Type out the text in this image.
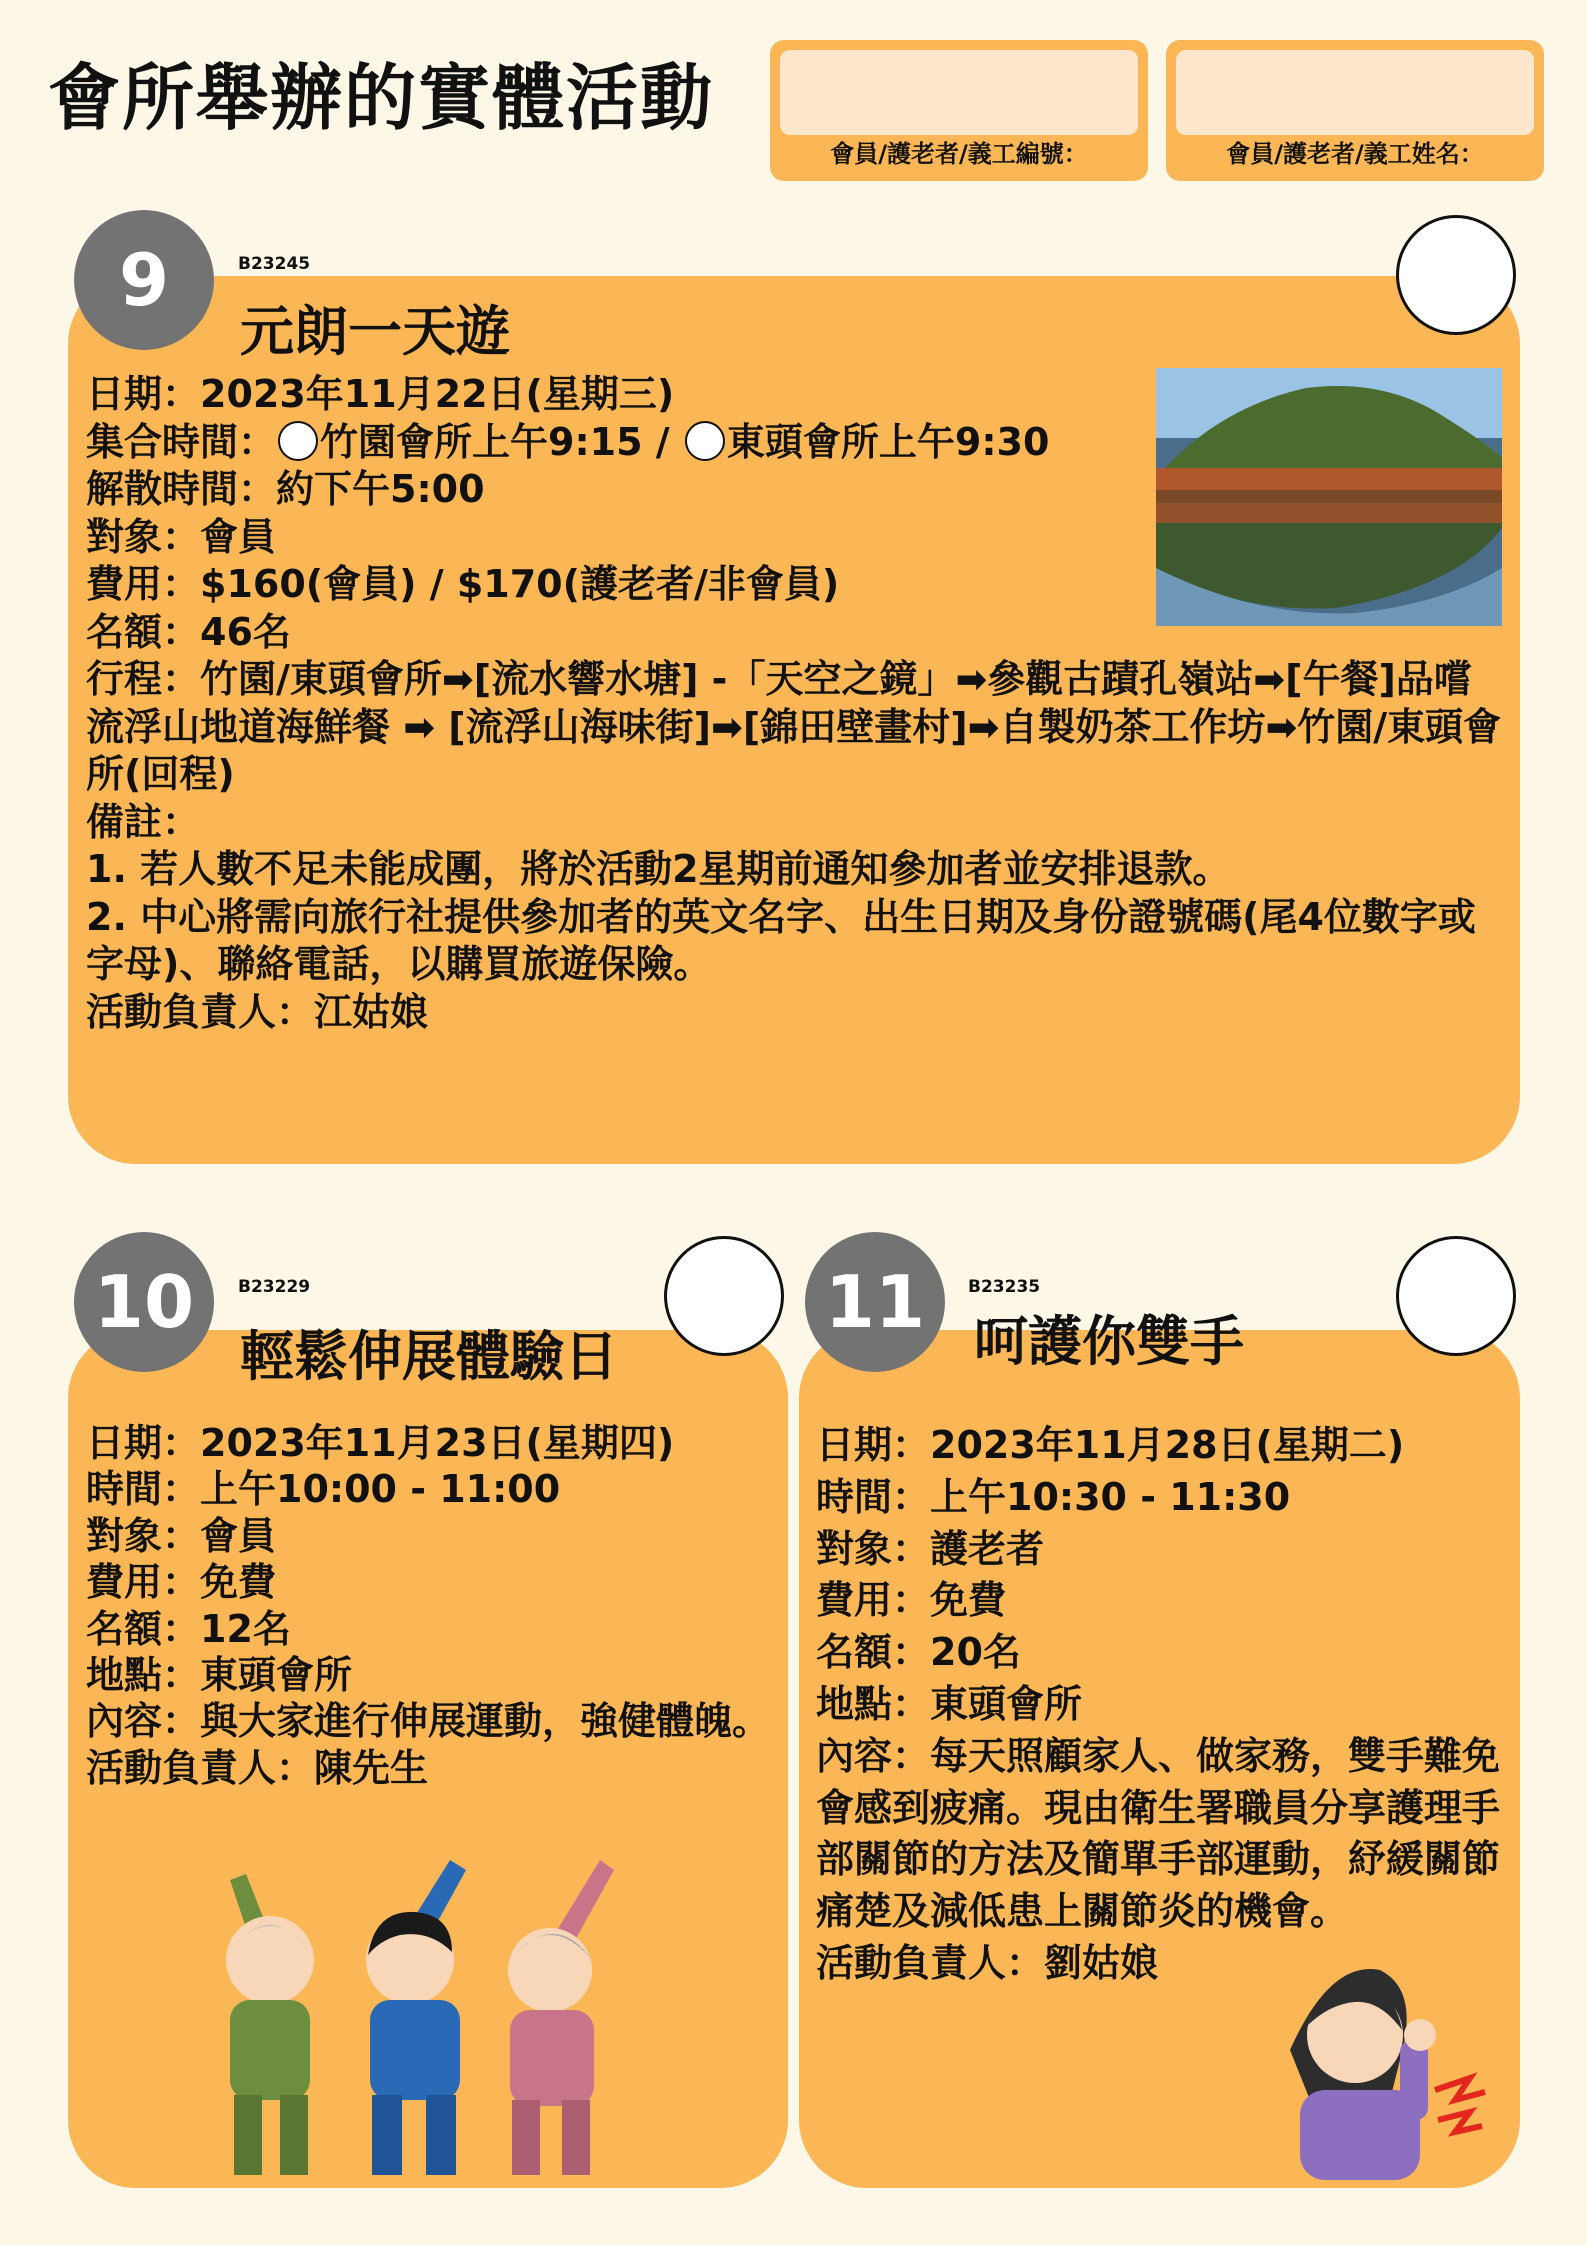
會所舉辦的實體活動
會員/護老者/義工編號：	會員/護老者/義工姓名：
9	B23245
元朗一天遊

日期：2023年11月22日(星期三)

集合時間： 竹園會所上午9:15 / 東頭會所上午9:30

解散時間：約下午5:00

對象：會員

費用：$160(會員) / $170(護老者/非會員)

名額：46名

行程：竹園/東頭會所➡[流水響水塘] -「天空之鏡」➡參觀古蹟孔嶺站➡[午餐]品嚐流浮山地道海鮮餐 ➡ [流浮山海味街]➡[錦田壁畫村]➡自製奶茶工作坊➡竹園/東頭會所(回程)

備註：

1. 若人數不足未能成團，將於活動2星期前通知參加者並安排退款。

2. 中心將需向旅行社提供參加者的英文名字、出生日期及身份證號碼(尾4位數字或字母)、聯絡電話，以購買旅遊保險。

活動負責人：江姑娘

10	B23229
輕鬆伸展體驗日

日期：2023年11月23日(星期四)

時間：上午10:00 - 11:00

對象：會員

費用：免費

名額：12名

地點：東頭會所

內容：與大家進行伸展運動，強健體魄。

活動負責人：陳先生

11	B23235
呵護你雙手

日期：2023年11月28日(星期二)

時間：上午10:30 - 11:30

對象：護老者

費用：免費

名額：20名

地點：東頭會所

內容：每天照顧家人、做家務，雙手難免會感到疲痛。現由衛生署職員分享護理手部關節的方法及簡單手部運動，紓緩關節痛楚及減低患上關節炎的機會。

活動負責人：劉姑娘
